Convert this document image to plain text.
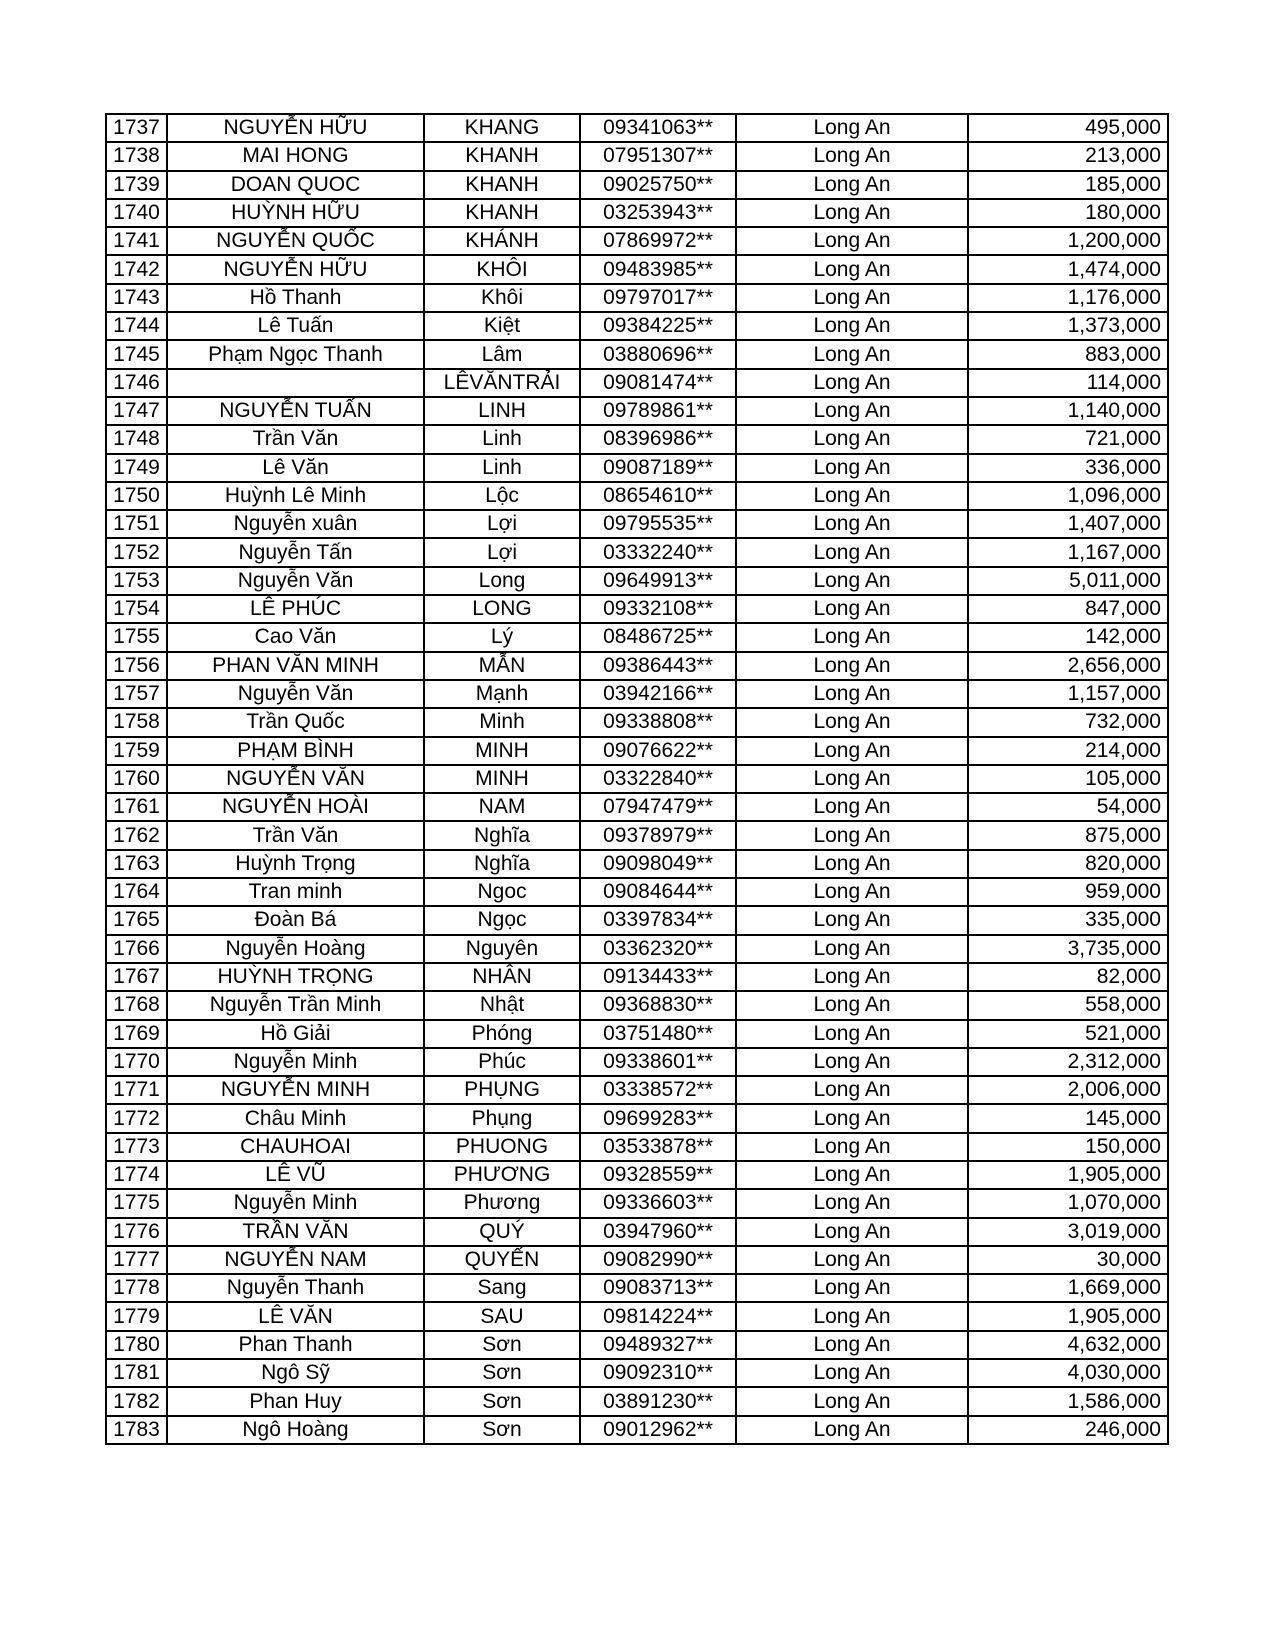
1737	NGUYỄN HỮU	KHANG	09341063**	Long An	495,000
1738	MAI HONG	KHANH	07951307**	Long An	213,000
1739	DOAN QUOC	KHANH	09025750**	Long An	185,000
1740	HUỲNH HỮU	KHANH	03253943**	Long An	180,000
1741	NGUYỄN QUỐC	KHÁNH	07869972**	Long An	1,200,000
1742	NGUYỄN HỮU	KHÔI	09483985**	Long An	1,474,000
1743	Hồ Thanh	Khôi	09797017**	Long An	1,176,000
1744	Lê Tuấn	Kiệt	09384225**	Long An	1,373,000
1745	Phạm Ngọc Thanh	Lâm	03880696**	Long An	883,000
1746		LÊVĂNTRẢI	09081474**	Long An	114,000
1747	NGUYỄN TUẤN	LINH	09789861**	Long An	1,140,000
1748	Trần Văn	Linh	08396986**	Long An	721,000
1749	Lê Văn	Linh	09087189**	Long An	336,000
1750	Huỳnh Lê Minh	Lộc	08654610**	Long An	1,096,000
1751	Nguyễn xuân	Lợi	09795535**	Long An	1,407,000
1752	Nguyễn Tấn	Lợi	03332240**	Long An	1,167,000
1753	Nguyễn Văn	Long	09649913**	Long An	5,011,000
1754	LÊ PHÚC	LONG	09332108**	Long An	847,000
1755	Cao Văn	Lý	08486725**	Long An	142,000
1756	PHAN VĂN MINH	MẪN	09386443**	Long An	2,656,000
1757	Nguyễn Văn	Mạnh	03942166**	Long An	1,157,000
1758	Trần Quốc	Minh	09338808**	Long An	732,000
1759	PHẠM BÌNH	MINH	09076622**	Long An	214,000
1760	NGUYỄN VĂN	MINH	03322840**	Long An	105,000
1761	NGUYỄN HOÀI	NAM	07947479**	Long An	54,000
1762	Trần Văn	Nghĩa	09378979**	Long An	875,000
1763	Huỳnh Trọng	Nghĩa	09098049**	Long An	820,000
1764	Tran minh	Ngoc	09084644**	Long An	959,000
1765	Đoàn Bá	Ngọc	03397834**	Long An	335,000
1766	Nguyễn Hoàng	Nguyên	03362320**	Long An	3,735,000
1767	HUỲNH TRỌNG	NHÂN	09134433**	Long An	82,000
1768	Nguyễn Trần Minh	Nhật	09368830**	Long An	558,000
1769	Hồ Giải	Phóng	03751480**	Long An	521,000
1770	Nguyễn Minh	Phúc	09338601**	Long An	2,312,000
1771	NGUYỄN MINH	PHỤNG	03338572**	Long An	2,006,000
1772	Châu Minh	Phụng	09699283**	Long An	145,000
1773	CHAUHOAI	PHUONG	03533878**	Long An	150,000
1774	LÊ VŨ	PHƯƠNG	09328559**	Long An	1,905,000
1775	Nguyễn Minh	Phương	09336603**	Long An	1,070,000
1776	TRẦN VĂN	QUÝ	03947960**	Long An	3,019,000
1777	NGUYỄN NAM	QUYẾN	09082990**	Long An	30,000
1778	Nguyễn Thanh	Sang	09083713**	Long An	1,669,000
1779	LÊ VĂN	SAU	09814224**	Long An	1,905,000
1780	Phan Thanh	Sơn	09489327**	Long An	4,632,000
1781	Ngô Sỹ	Sơn	09092310**	Long An	4,030,000
1782	Phan Huy	Sơn	03891230**	Long An	1,586,000
1783	Ngô Hoàng	Sơn	09012962**	Long An	246,000
